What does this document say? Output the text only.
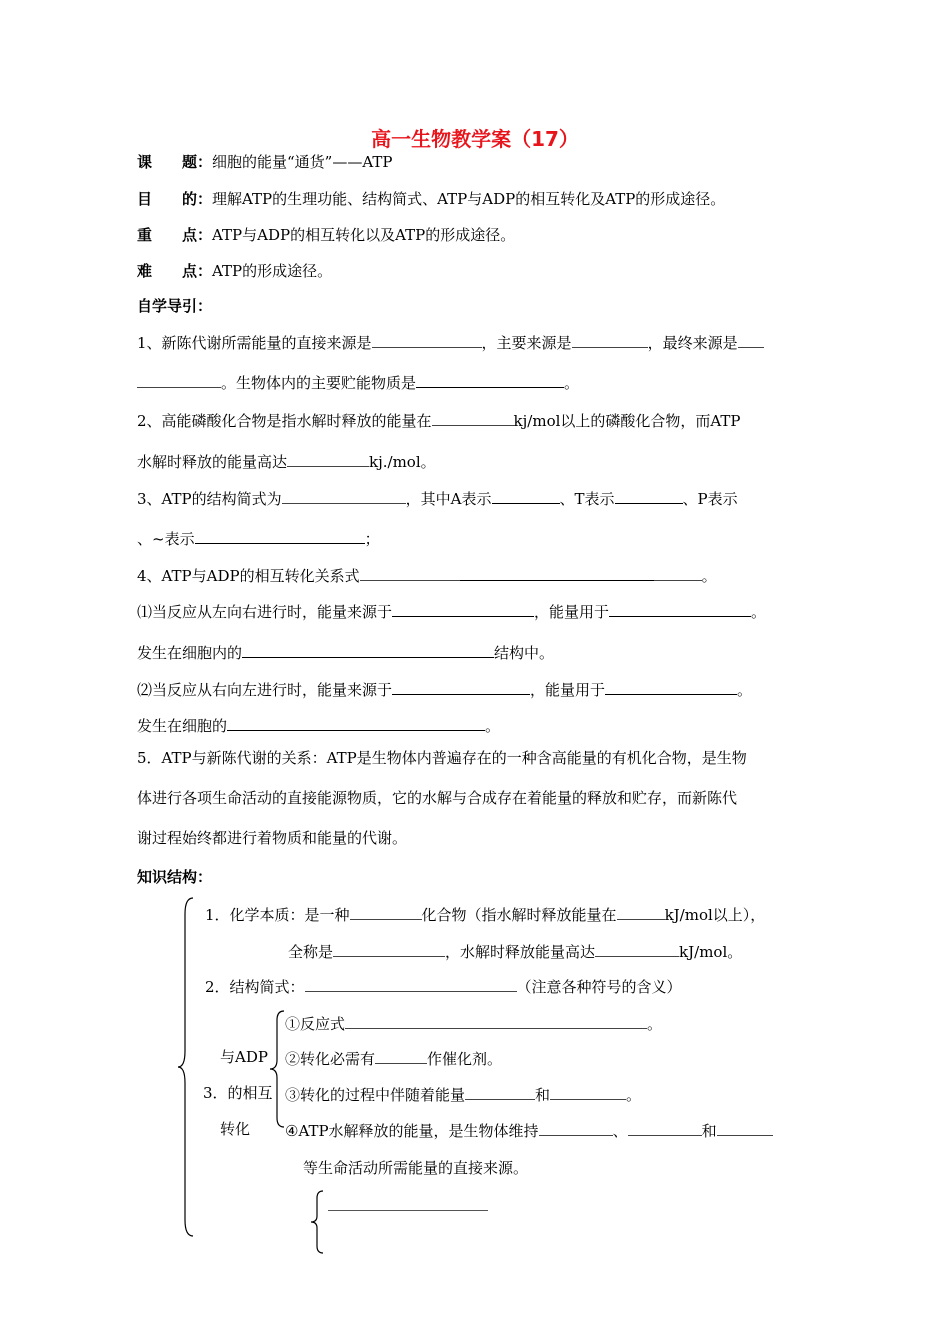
高一生物教学案（17）
课　　题：细胞的能量“通货”——ATP
目　　的：理解ATP的生理功能、结构简式、ATP与ADP的相互转化及ATP的形成途径。
重　　点：ATP与ADP的相互转化以及ATP的形成途径。
难　　点：ATP的形成途径。
自学导引：
1、新陈代谢所需能量的直接来源是	，主要来源是	，最终来源是
。生物体内的主要贮能物质是	。
2、高能磷酸化合物是指水解时释放的能量在	kj/mol以上的磷酸化合物，而ATP
水解时释放的能量高达	kj./mol。
3、ATP的结构简式为	，其中A表示	、T表示	、P表示
、~表示	；
4、ATP与ADP的相互转化关系式	。
⑴当反应从左向右进行时，能量来源于	，能量用于	。
发生在细胞内的	结构中。
⑵当反应从右向左进行时，能量来源于	，能量用于	。
发生在细胞的	。
5．ATP与新陈代谢的关系：ATP是生物体内普遍存在的一种含高能量的有机化合物，是生物
体进行各项生命活动的直接能源物质，它的水解与合成存在着能量的释放和贮存，而新陈代
谢过程始终都进行着物质和能量的代谢。
知识结构：
1．化学本质：是一种	化合物（指水解时释放能量在	kJ/mol以上），
全称是	，水解时释放能量高达	kJ/mol。
2．结构简式：	（注意各种符号的含义）
与ADP
3．的相互
转化
①反应式	。
②转化必需有	作催化剂。
③转化的过程中伴随着能量	和	。
④ATP水解释放的能量，是生物体维持	、	和
等生命活动所需能量的直接来源。
